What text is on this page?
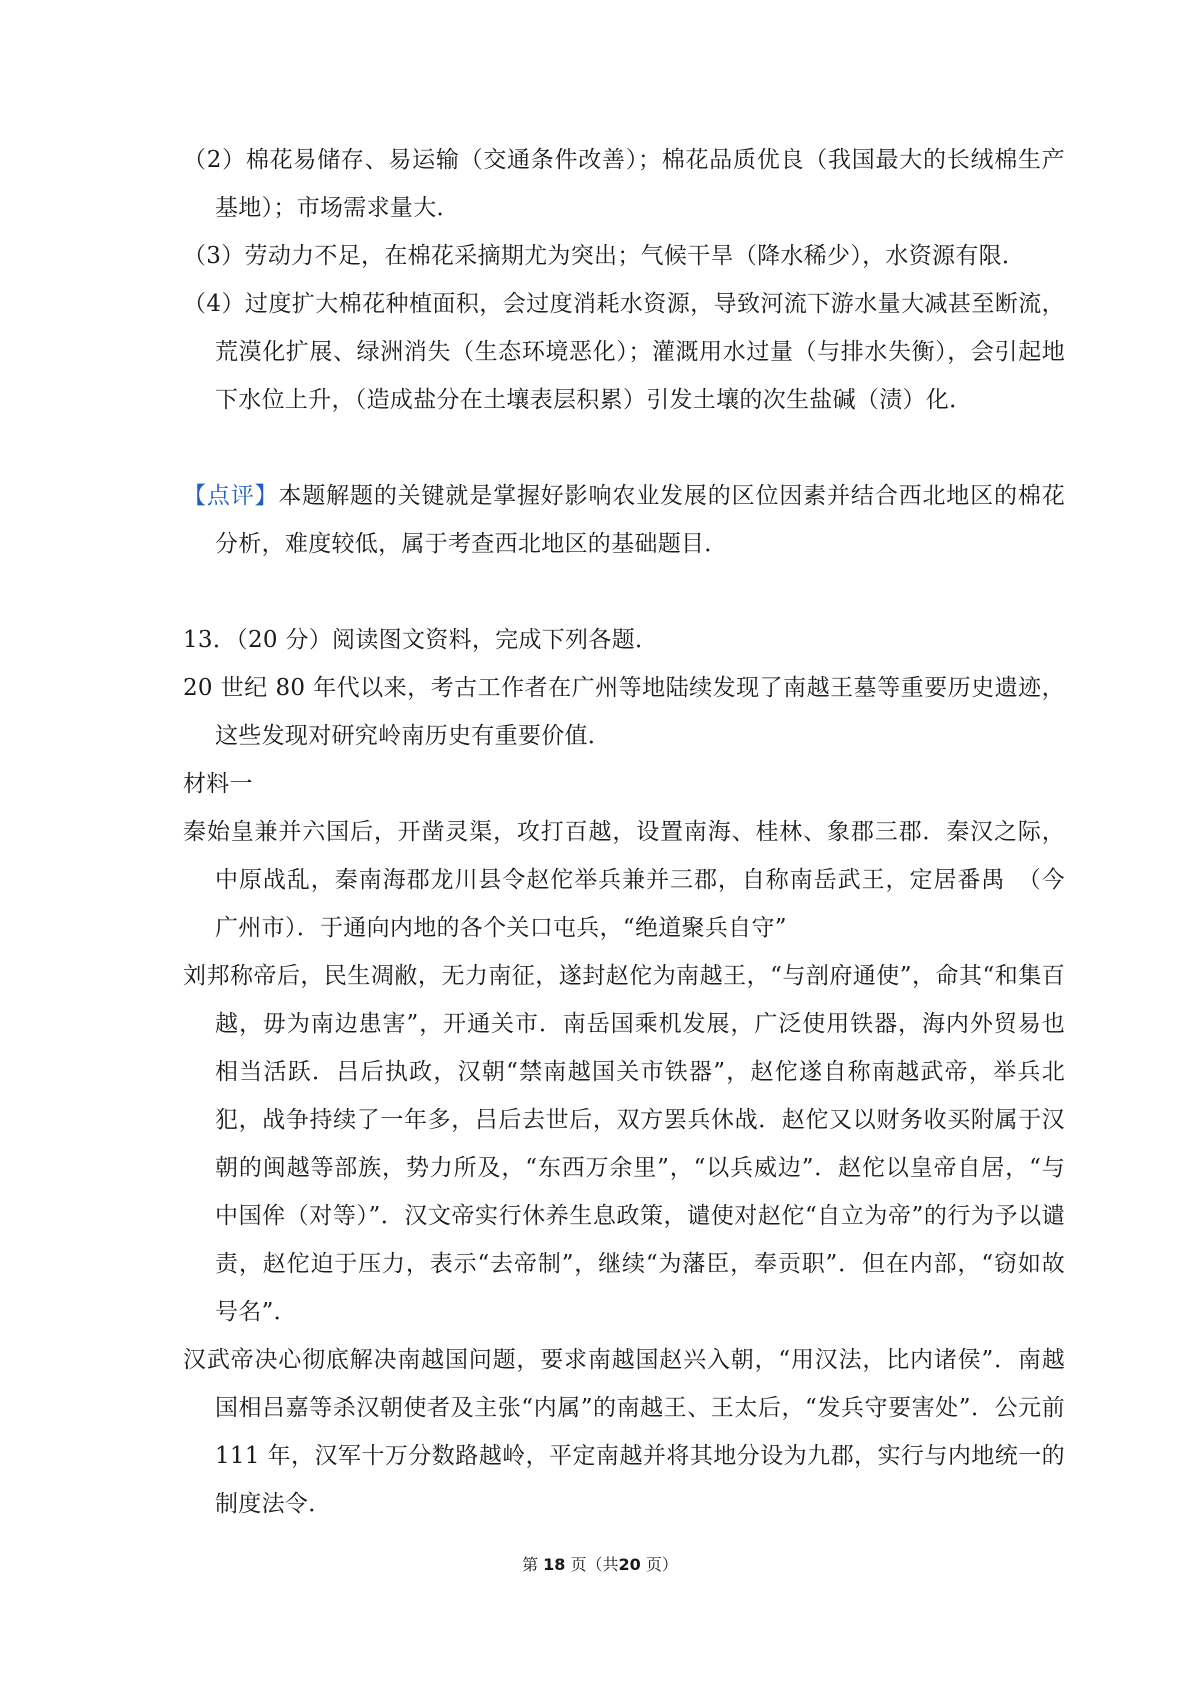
（2）棉花易储存、易运输（交通条件改善）；棉花品质优良（我国最大的长绒棉生产基地）；市场需求量大．
（3）劳动力不足，在棉花采摘期尤为突出；气候干旱（降水稀少），水资源有限．
（4）过度扩大棉花种植面积，会过度消耗水资源，导致河流下游水量大减甚至断流，荒漠化扩展、绿洲消失（生态环境恶化）；灌溉用水过量（与排水失衡），会引起地下水位上升，（造成盐分在土壤表层积累）引发土壤的次生盐碱（渍）化．
【点评】本题解题的关键就是掌握好影响农业发展的区位因素并结合西北地区的棉花分析，难度较低，属于考查西北地区的基础题目．
13．（20 分）阅读图文资料，完成下列各题．
20 世纪 80 年代以来，考古工作者在广州等地陆续发现了南越王墓等重要历史遗迹，这些发现对研究岭南历史有重要价值．
材料一
秦始皇兼并六国后，开凿灵渠，攻打百越，设置南海、桂林、象郡三郡．秦汉之际，中原战乱，秦南海郡龙川县令赵佗举兵兼并三郡，自称南岳武王，定居番禺　（今广州市）．于通向内地的各个关口屯兵，“绝道聚兵自守”
刘邦称帝后，民生凋敝，无力南征，遂封赵佗为南越王，“与剖府通使”，命其“和集百越，毋为南边患害”，开通关市．南岳国乘机发展，广泛使用铁器，海内外贸易也相当活跃．吕后执政，汉朝“禁南越国关市铁器”，赵佗遂自称南越武帝，举兵北犯，战争持续了一年多，吕后去世后，双方罢兵休战．赵佗又以财务收买附属于汉朝的闽越等部族，势力所及，“东西万余里”，“以兵威边”．赵佗以皇帝自居，“与中国侔（对等）”．汉文帝实行休养生息政策，谴使对赵佗“自立为帝”的行为予以谴责，赵佗迫于压力，表示“去帝制”，继续“为藩臣，奉贡职”．但在内部，“窃如故号名”．
汉武帝决心彻底解决南越国问题，要求南越国赵兴入朝，“用汉法，比内诸侯”．南越国相吕嘉等杀汉朝使者及主张“内属”的南越王、王太后，“发兵守要害处”．公元前 111 年，汉军十万分数路越岭，平定南越并将其地分设为九郡，实行与内地统一的制度法令．
第 18 页（共20 页）
